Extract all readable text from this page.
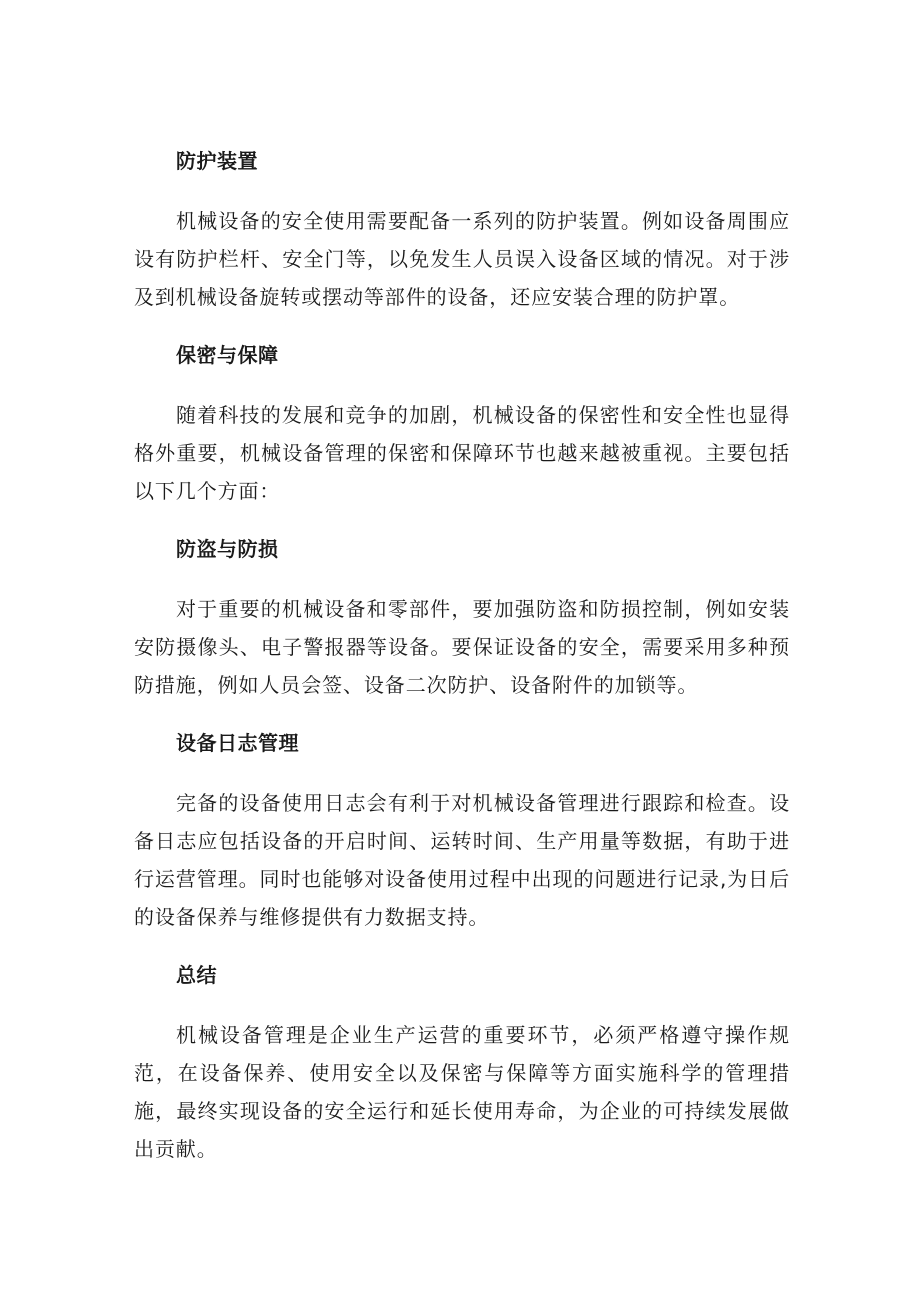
防护装置

机械设备的安全使用需要配备一系列的防护装置。例如设备周围应设有防护栏杆、安全门等，以免发生人员误入设备区域的情况。对于涉及到机械设备旋转或摆动等部件的设备，还应安装合理的防护罩。

保密与保障

随着科技的发展和竞争的加剧，机械设备的保密性和安全性也显得格外重要，机械设备管理的保密和保障环节也越来越被重视。主要包括以下几个方面：

防盗与防损

对于重要的机械设备和零部件，要加强防盗和防损控制，例如安装安防摄像头、电子警报器等设备。要保证设备的安全，需要采用多种预防措施，例如人员会签、设备二次防护、设备附件的加锁等。

设备日志管理

完备的设备使用日志会有利于对机械设备管理进行跟踪和检查。设备日志应包括设备的开启时间、运转时间、生产用量等数据，有助于进行运营管理。同时也能够对设备使用过程中出现的问题进行记录,为日后的设备保养与维修提供有力数据支持。

总结

机械设备管理是企业生产运营的重要环节，必须严格遵守操作规范，在设备保养、使用安全以及保密与保障等方面实施科学的管理措施，最终实现设备的安全运行和延长使用寿命，为企业的可持续发展做出贡献。
